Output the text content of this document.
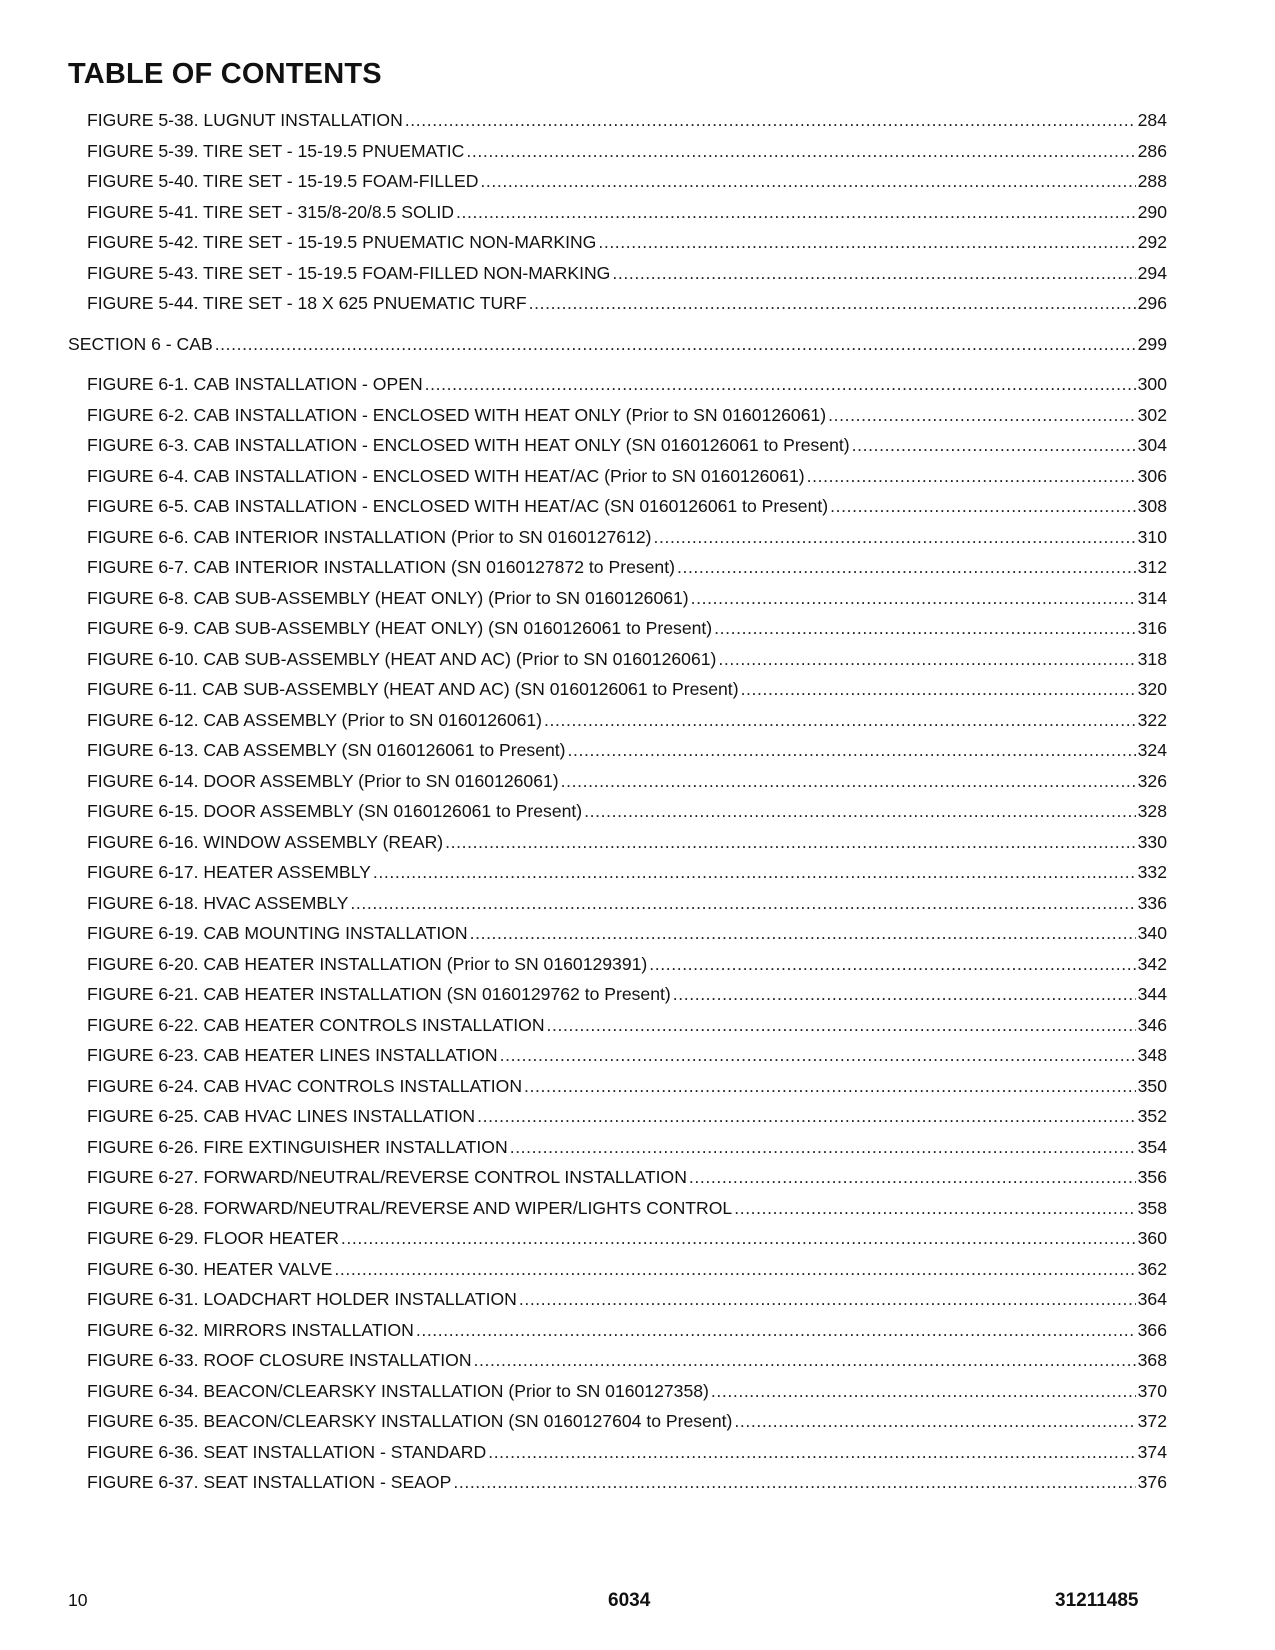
TABLE OF CONTENTS
FIGURE 5-38. LUGNUT INSTALLATION .....	284
FIGURE 5-39. TIRE SET - 15-19.5 PNUEMATIC .....	286
FIGURE 5-40. TIRE SET - 15-19.5 FOAM-FILLED .....	288
FIGURE 5-41. TIRE SET - 315/8-20/8.5 SOLID .....	290
FIGURE 5-42. TIRE SET - 15-19.5 PNUEMATIC NON-MARKING .....	292
FIGURE 5-43. TIRE SET - 15-19.5 FOAM-FILLED NON-MARKING .....	294
FIGURE 5-44. TIRE SET - 18 X 625 PNUEMATIC TURF .....	296
SECTION 6 - CAB .....	299
FIGURE 6-1. CAB INSTALLATION - OPEN .....	300
FIGURE 6-2. CAB INSTALLATION - ENCLOSED WITH HEAT ONLY (Prior to SN 0160126061) .....	302
FIGURE 6-3. CAB INSTALLATION - ENCLOSED WITH HEAT ONLY (SN 0160126061 to Present) .....	304
FIGURE 6-4. CAB INSTALLATION - ENCLOSED WITH HEAT/AC (Prior to SN 0160126061) .....	306
FIGURE 6-5. CAB INSTALLATION - ENCLOSED WITH HEAT/AC (SN 0160126061 to Present) .....	308
FIGURE 6-6. CAB INTERIOR INSTALLATION (Prior to SN 0160127612) .....	310
FIGURE 6-7. CAB INTERIOR INSTALLATION (SN 0160127872 to Present) .....	312
FIGURE 6-8. CAB SUB-ASSEMBLY (HEAT ONLY) (Prior to SN 0160126061) .....	314
FIGURE 6-9. CAB SUB-ASSEMBLY (HEAT ONLY) (SN 0160126061 to Present) .....	316
FIGURE 6-10. CAB SUB-ASSEMBLY (HEAT AND AC) (Prior to SN 0160126061) .....	318
FIGURE 6-11. CAB SUB-ASSEMBLY (HEAT AND AC) (SN 0160126061 to Present) .....	320
FIGURE 6-12. CAB ASSEMBLY (Prior to SN 0160126061) .....	322
FIGURE 6-13. CAB ASSEMBLY (SN 0160126061 to Present) .....	324
FIGURE 6-14. DOOR ASSEMBLY (Prior to SN 0160126061) .....	326
FIGURE 6-15. DOOR ASSEMBLY (SN 0160126061 to Present) .....	328
FIGURE 6-16. WINDOW ASSEMBLY (REAR) .....	330
FIGURE 6-17. HEATER ASSEMBLY .....	332
FIGURE 6-18. HVAC ASSEMBLY .....	336
FIGURE 6-19. CAB MOUNTING INSTALLATION .....	340
FIGURE 6-20. CAB HEATER INSTALLATION (Prior to SN 0160129391) .....	342
FIGURE 6-21. CAB HEATER INSTALLATION (SN 0160129762 to Present) .....	344
FIGURE 6-22. CAB HEATER CONTROLS INSTALLATION .....	346
FIGURE 6-23. CAB HEATER LINES INSTALLATION .....	348
FIGURE 6-24. CAB HVAC CONTROLS INSTALLATION .....	350
FIGURE 6-25. CAB HVAC LINES INSTALLATION .....	352
FIGURE 6-26. FIRE EXTINGUISHER INSTALLATION .....	354
FIGURE 6-27. FORWARD/NEUTRAL/REVERSE CONTROL INSTALLATION .....	356
FIGURE 6-28. FORWARD/NEUTRAL/REVERSE AND WIPER/LIGHTS CONTROL .....	358
FIGURE 6-29. FLOOR HEATER .....	360
FIGURE 6-30. HEATER VALVE .....	362
FIGURE 6-31. LOADCHART HOLDER INSTALLATION .....	364
FIGURE 6-32. MIRRORS INSTALLATION .....	366
FIGURE 6-33. ROOF CLOSURE INSTALLATION .....	368
FIGURE 6-34. BEACON/CLEARSKY INSTALLATION (Prior to SN 0160127358) .....	370
FIGURE 6-35. BEACON/CLEARSKY INSTALLATION (SN 0160127604 to Present) .....	372
FIGURE 6-36. SEAT INSTALLATION - STANDARD .....	374
FIGURE 6-37. SEAT INSTALLATION - SEAOP .....	376
10	6034	31211485
